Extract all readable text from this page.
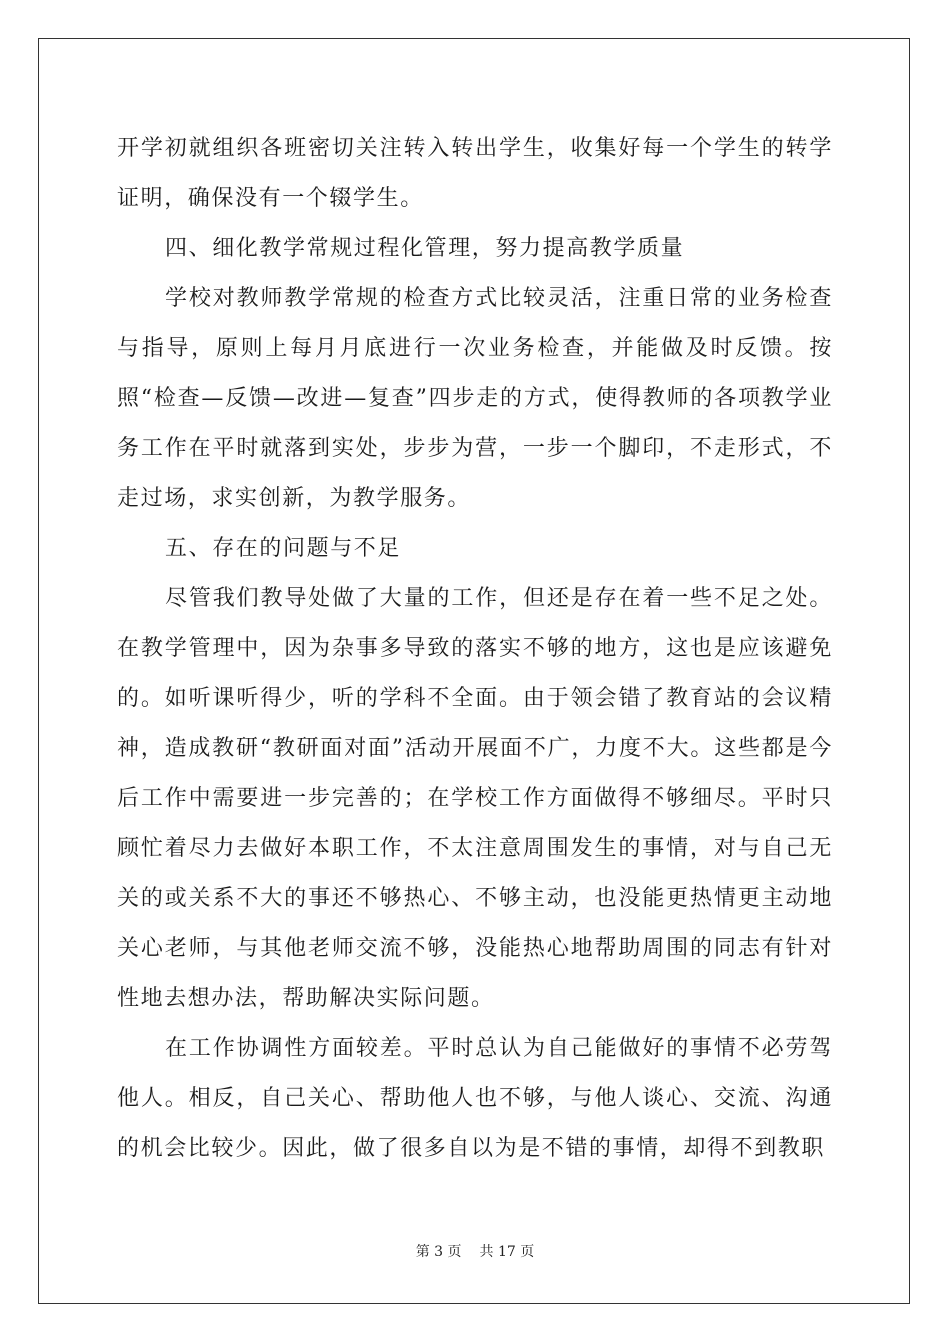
开学初就组织各班密切关注转入转出学生，收集好每一个学生的转学证明，确保没有一个辍学生。

四、细化教学常规过程化管理，努力提高教学质量

学校对教师教学常规的检查方式比较灵活，注重日常的业务检查与指导，原则上每月月底进行一次业务检查，并能做及时反馈。按照“检查—反馈—改进—复查”四步走的方式，使得教师的各项教学业务工作在平时就落到实处，步步为营，一步一个脚印，不走形式，不走过场，求实创新，为教学服务。

五、存在的问题与不足

尽管我们教导处做了大量的工作，但还是存在着一些不足之处。在教学管理中，因为杂事多导致的落实不够的地方，这也是应该避免的。如听课听得少，听的学科不全面。由于领会错了教育站的会议精神，造成教研“教研面对面”活动开展面不广，力度不大。这些都是今后工作中需要进一步完善的；在学校工作方面做得不够细尽。平时只顾忙着尽力去做好本职工作，不太注意周围发生的事情，对与自己无关的或关系不大的事还不够热心、不够主动，也没能更热情更主动地关心老师，与其他老师交流不够，没能热心地帮助周围的同志有针对性地去想办法，帮助解决实际问题。

在工作协调性方面较差。平时总认为自己能做好的事情不必劳驾他人。相反，自己关心、帮助他人也不够，与他人谈心、交流、沟通的机会比较少。因此，做了很多自以为是不错的事情，却得不到教职

第 3 页 共 17 页
